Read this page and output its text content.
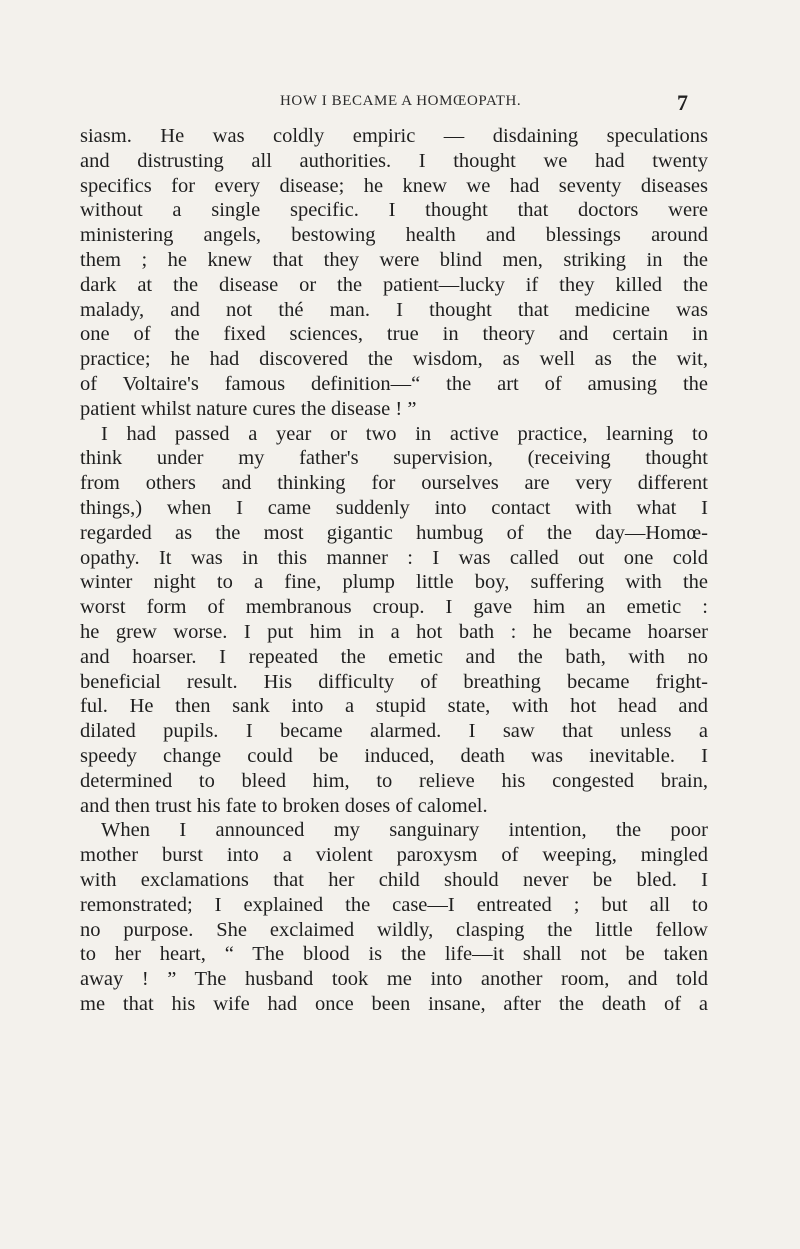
HOW I BECAME A HOMŒOPATH.	7
siasm. He was coldly empiric — disdaining speculations
and distrusting all authorities. I thought we had twenty
specifics for every disease; he knew we had seventy diseases
without a single specific. I thought that doctors were
ministering angels, bestowing health and blessings around
them ; he knew that they were blind men, striking in the
dark at the disease or the patient—lucky if they killed the
malady, and not thé man. I thought that medicine was
one of the fixed sciences, true in theory and certain in
practice; he had discovered the wisdom, as well as the wit,
of Voltaire's famous definition—“ the art of amusing the
patient whilst nature cures the disease ! ”
I had passed a year or two in active practice, learning to
think under my father's supervision, (receiving thought
from others and thinking for ourselves are very different
things,) when I came suddenly into contact with what I
regarded as the most gigantic humbug of the day—Homœ-
opathy. It was in this manner : I was called out one cold
winter night to a fine, plump little boy, suffering with the
worst form of membranous croup. I gave him an emetic :
he grew worse. I put him in a hot bath : he became hoarser
and hoarser. I repeated the emetic and the bath, with no
beneficial result. His difficulty of breathing became fright-
ful. He then sank into a stupid state, with hot head and
dilated pupils. I became alarmed. I saw that unless a
speedy change could be induced, death was inevitable. I
determined to bleed him, to relieve his congested brain,
and then trust his fate to broken doses of calomel.
When I announced my sanguinary intention, the poor
mother burst into a violent paroxysm of weeping, mingled
with exclamations that her child should never be bled. I
remonstrated; I explained the case—I entreated ; but all to
no purpose. She exclaimed wildly, clasping the little fellow
to her heart, “ The blood is the life—it shall not be taken
away ! ” The husband took me into another room, and told
me that his wife had once been insane, after the death of a
